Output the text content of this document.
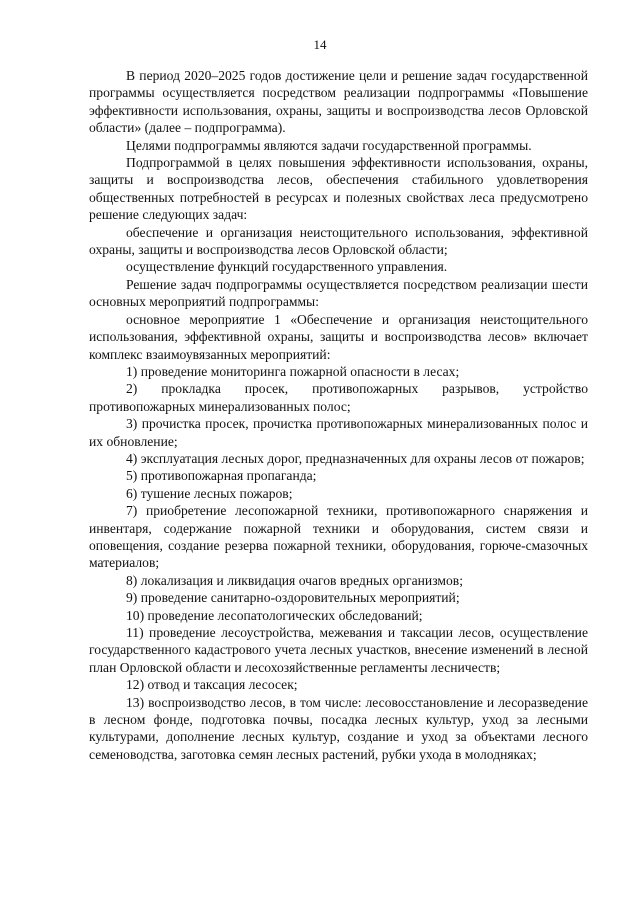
14

В период 2020–2025 годов достижение цели и решение задач государственной программы осуществляется посредством реализации подпрограммы «Повышение эффективности использования, охраны, защиты и воспроизводства лесов Орловской области» (далее – подпрограмма).

Целями подпрограммы являются задачи государственной программы.

Подпрограммой в целях повышения эффективности использования, охраны, защиты и воспроизводства лесов, обеспечения стабильного удовлетворения общественных потребностей в ресурсах и полезных свойствах леса предусмотрено решение следующих задач:

обеспечение и организация неистощительного использования, эффективной охраны, защиты и воспроизводства лесов Орловской области;

осуществление функций государственного управления.

Решение задач подпрограммы осуществляется посредством реализации шести основных мероприятий подпрограммы:

основное мероприятие 1 «Обеспечение и организация неистощительного использования, эффективной охраны, защиты и воспроизводства лесов» включает комплекс взаимоувязанных мероприятий:

1) проведение мониторинга пожарной опасности в лесах;

2) прокладка просек, противопожарных разрывов, устройство противопожарных минерализованных полос;

3) прочистка просек, прочистка противопожарных минерализованных полос и их обновление;

4) эксплуатация лесных дорог, предназначенных для охраны лесов от пожаров;

5) противопожарная пропаганда;

6) тушение лесных пожаров;

7) приобретение лесопожарной техники, противопожарного снаряжения и инвентаря, содержание пожарной техники и оборудования, систем связи и оповещения, создание резерва пожарной техники, оборудования, горюче-смазочных материалов;

8) локализация и ликвидация очагов вредных организмов;

9) проведение санитарно-оздоровительных мероприятий;

10) проведение лесопатологических обследований;

11) проведение лесоустройства, межевания и таксации лесов, осуществление государственного кадастрового учета лесных участков, внесение изменений в лесной план Орловской области и лесохозяйственные регламенты лесничеств;

12) отвод и таксация лесосек;

13) воспроизводство лесов, в том числе: лесовосстановление и лесоразведение в лесном фонде, подготовка почвы, посадка лесных культур, уход за лесными культурами, дополнение лесных культур, создание и уход за объектами лесного семеноводства, заготовка семян лесных растений, рубки ухода в молодняках;
